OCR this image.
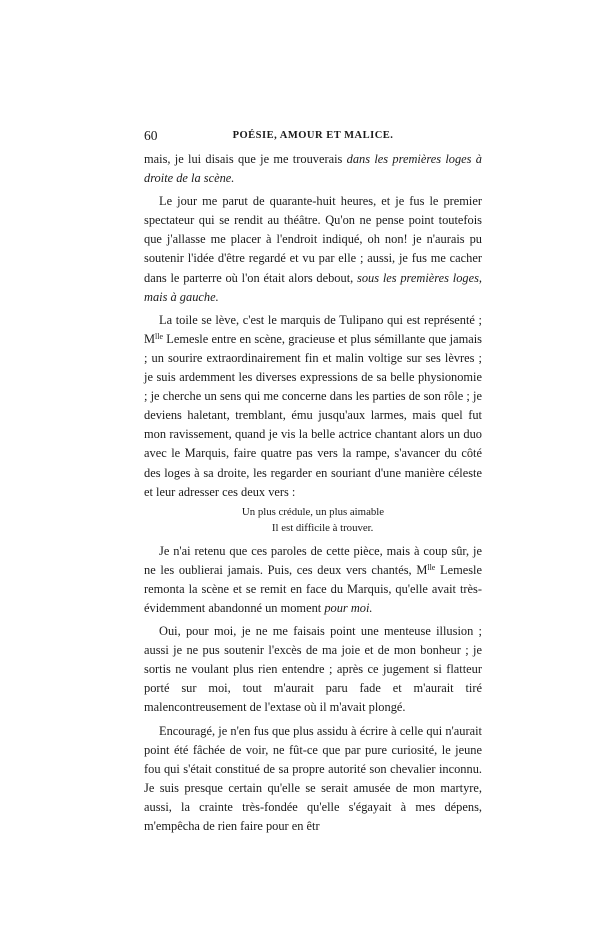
60	POÉSIE, AMOUR ET MALICE.

mais, je lui disais que je me trouverais dans les premières loges à droite de la scène.

Le jour me parut de quarante-huit heures, et je fus le premier spectateur qui se rendit au théâtre. Qu'on ne pense point toutefois que j'allasse me placer à l'endroit indiqué, oh non! je n'aurais pu soutenir l'idée d'être regardé et vu par elle ; aussi, je fus me cacher dans le parterre où l'on était alors debout, sous les premières loges, mais à gauche.

La toile se lève, c'est le marquis de Tulipano qui est représenté ; $M^{lle}$ Lemesle entre en scène, gracieuse et plus sémillante que jamais ; un sourire extraordinairement fin et malin voltige sur ses lèvres ; je suis ardemment les diverses expressions de sa belle physionomie ; je cherche un sens qui me concerne dans les parties de son rôle ; je deviens haletant, tremblant, ému jusqu'aux larmes, mais quel fut mon ravissement, quand je vis la belle actrice chantant alors un duo avec le Marquis, faire quatre pas vers la rampe, s'avancer du côté des loges à sa droite, les regarder en souriant d'une manière céleste et leur adresser ces deux vers :

Un plus crédule, un plus aimable
Il est difficile à trouver.

Je n'ai retenu que ces paroles de cette pièce, mais à coup sûr, je ne les oublierai jamais. Puis, ces deux vers chantés, $M^{lle}$ Lemesle remonta la scène et se remit en face du Marquis, qu'elle avait très-évidemment abandonné un moment pour moi.

Oui, pour moi, je ne me faisais point une menteuse illusion ; aussi je ne pus soutenir l'excès de ma joie et de mon bonheur ; je sortis ne voulant plus rien entendre ; après ce jugement si flatteur porté sur moi, tout m'aurait paru fade et m'aurait tiré malencontreusement de l'extase où il m'avait plongé.

Encouragé, je n'en fus que plus assidu à écrire à celle qui n'aurait point été fâchée de voir, ne fût-ce que par pure curiosité, le jeune fou qui s'était constitué de sa propre autorité son chevalier inconnu. Je suis presque certain qu'elle se serait amusée de mon martyre, aussi, la crainte très-fondée qu'elle s'égayait à mes dépens, m'empêcha de rien faire pour en êtr
